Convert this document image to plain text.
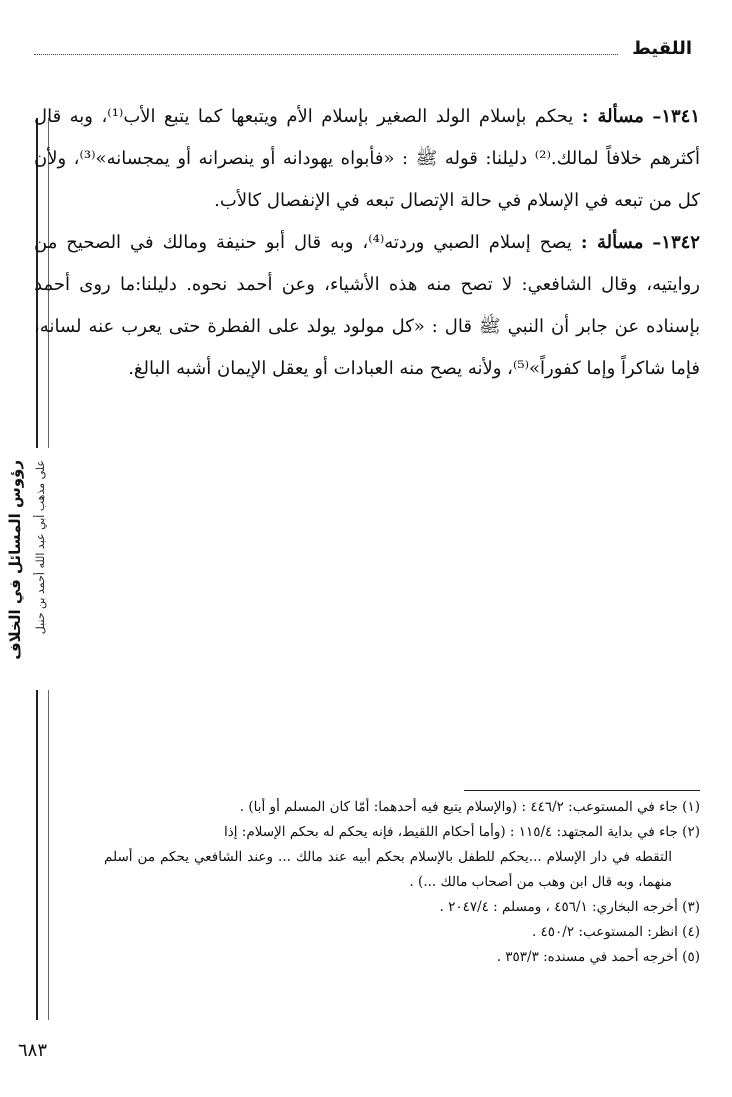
اللقيط
رؤوس المسائل في الخلاف على مذهب أبي عبد الله أحمد بن حنبل

١٣٤١– مسألة : يحكم بإسلام الولد الصغير بإسلام الأم ويتبعها كما يتبع الأب⁽¹⁾، وبه قال أكثرهم خلافاً لمالك.⁽²⁾ دليلنا: قوله ﷺ : «فأبواه يهودانه أو ينصرانه أو يمجسانه»⁽³⁾، ولأن كل من تبعه في الإسلام في حالة الإتصال تبعه في الإنفصال كالأب.

١٣٤٢– مسألة : يصح إسلام الصبي وردته⁽⁴⁾، وبه قال أبو حنيفة ومالك في الصحيح من روايتيه، وقال الشافعي: لا تصح منه هذه الأشياء، وعن أحمد نحوه. دليلنا:ما روى أحمد بإسناده عن جابر أن النبي ﷺ قال : «كل مولود يولد على الفطرة حتى يعرب عنه لسانه، فإما شاكراً وإما كفوراً»⁽⁵⁾، ولأنه يصح منه العبادات أو يعقل الإيمان أشبه البالغ.

(١) جاء في المستوعب: ٤٤٦/٢ : (والإسلام يتبع فيه أحدهما: أمّا كان المسلم أو أبا) .

(٢) جاء في بداية المجتهد: ١١٥/٤ : (وأما أحكام اللقيط، فإنه يحكم له بحكم الإسلام: إذا

التقطه في دار الإسلام ...يحكم للطفل بالإسلام بحكم أبيه عند مالك ... وعند الشافعي يحكم من أسلم منهما، وبه قال ابن وهب من أصحاب مالك ...) .

(٣) أخرجه البخاري: ٤٥٦/١ ، ومسلم : ٢٠٤٧/٤ .

(٤) انظر: المستوعب: ٤٥٠/٢ .

(٥) أخرجه أحمد في مسنده: ٣٥٣/٣ .

٦٨٣
